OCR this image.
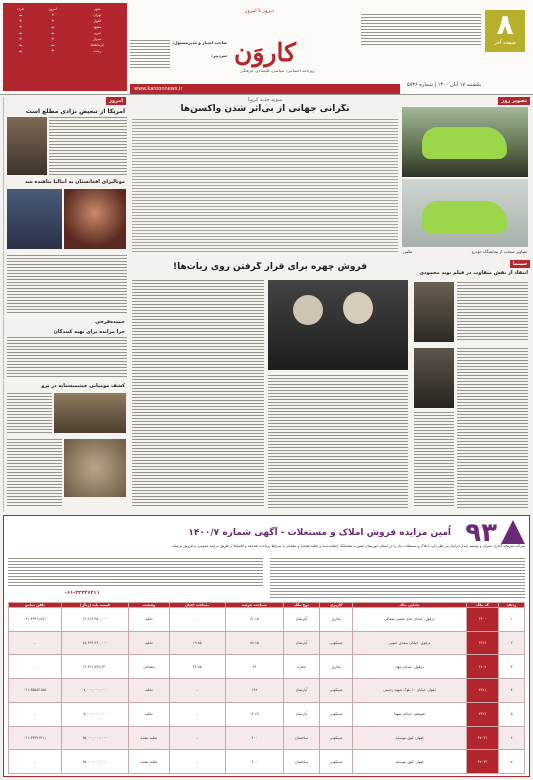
۸
صفحه آخر
یکشنبه ۱۷ آبان ۱۴۰۰ | شماره ۵۷۳۶
کاروَن
روزنامه اجتماعی، سیاسی، اقتصادی، فرهنگی
دیروز تا امروز
صاحب امتیاز و مدیرمسئول:
سردبیر:
www.karoonnews.ir
شهر	امروز	فردا
تهران	☀	☁
اهواز	☀	☀
مشهد	☁	☀
تبریز	☁	☁
شیراز	☀	☀
کرمانشاه	☁	☁
رشت	☂	☁
امروز
آمریکا از تبعیض نژادی مطلع است
مونالیزای افغانستان به ایتالیا پناهنده شد
حمیده‌فرخی
چرا مزایده برای تهیه کنندگان
کشف مومیایی چیتیمیستانه در پرو
سویه جدید کرونا
نگرانی جهانی از بی‌اثر شدن واکسن‌ها
تصویر روز
عکس	تصاویر منتخب از نمایشگاه خودرو
فروش چهره برای قرار گرفتن روی ربات‌ها!	سینما
انتقاد از نقش متفاوت در فیلم نوید محمودی
۹۳
اُمین مزایده فروش املاک و مستغلات - آگهی شماره ۱۴۰۰/۷
شرکت سرمایه گذاری عمران و توسعه پایدار ایرانیان در نظر دارد، املاک و مستغلات ذیل را در استان خوزستان بصورت تشتمالک (تخلیه شده و تخلیه نشده) و مشاعی با شرایط پرداخت نقد/نقد و اقساط از طریق مزایده عمومی به فروش برساند.
۰۶۱-۳۳۳۲۶۲۱۱
ردیف	کد ملک	نشانی ملک	کاربری	نوع ملک	مساحت عرصه	مساحت اعیان	وضعیت	قیمت پایه (ریال)	تلفن تماس
۱	۳۴۰۰	دزفول، خیابان امام خمینی شمالی	تجاری	آپارتمان	۶۱.۱۵	-	تخلیه	۱۲,۲۱۳,۴۵۰,۰۰۰	۰۶۱-۴۳۲۶۱۷۸۱
۲	۳۲۶۶	دزفول، خیابان سعدی جنوبی	مسکونی	آپارتمان	۷۷.۱۵	۱۹.۸۵	تخلیه	۷۸,۶۲۳,۳۶۰,۰۰۰	-
۳	۲۸۰۷	دزفول، خیابان جهاد	تجاری	مغازه	۹۶	۲۴.۸۵	مشاعی	۱۲,۶۲۱,۸۳۷,۴۴۰	-
۴	۳۲۸۱	اهواز، خیابان ۱۰ بلوک شهید رحیمی	مسکونی	آپارتمان	۱۹۸	-	تخلیه	۷,۰۰۰,۰۰۰,۰۰۰	۰۶۱-۳۵۵۸۲۱۵۵
۵	۳۴۳۶	شوشتر، خیابان شهدا	مسکونی	آپارتمان	۱۲.۶۷	-	تخلیه	۵,۰۰۰,۰۰۰,۰۰۰	-
۶	۴۷۰۳۱	اهواز، کوی نیوساید	مسکونی	ساختمان	۴۰۰	-	تخلیه نشده	۳۵,۰۰۰,۰۰۰,۰۰۰	۰۶۱-۳۳۳۲۶۲۱۱
۷	۴۷۰۳۲	اهواز، کوی نیوساید	مسکونی	ساختمان	۴۰۰	-	تخلیه نشده	۳۵,۰۰۰,۰۰۰,۰۰۰	-
